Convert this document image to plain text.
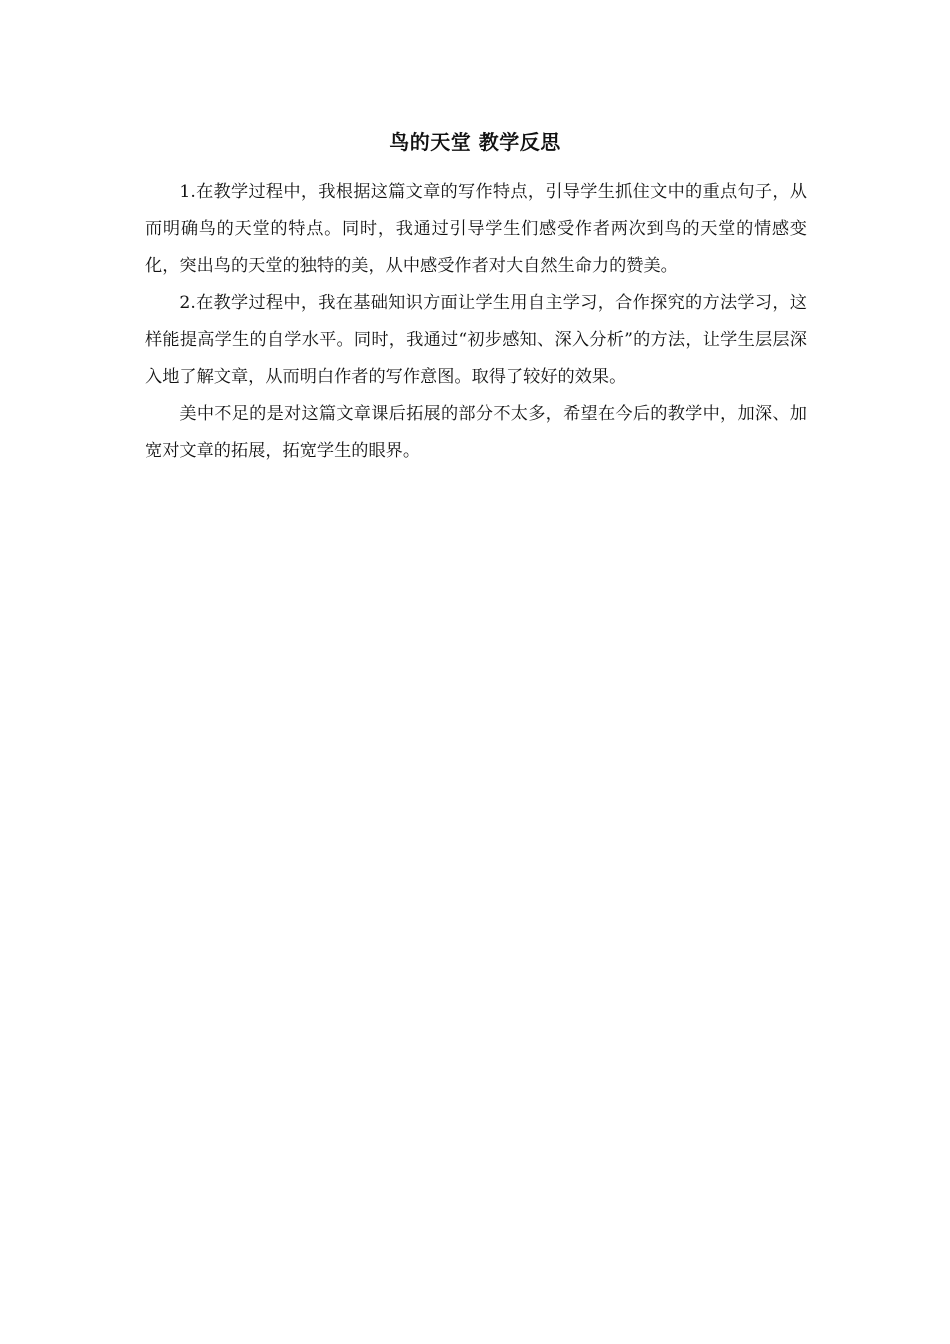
鸟的天堂 教学反思

1.在教学过程中，我根据这篇文章的写作特点，引导学生抓住文中的重点句子，从而明确鸟的天堂的特点。同时，我通过引导学生们感受作者两次到鸟的天堂的情感变化，突出鸟的天堂的独特的美，从中感受作者对大自然生命力的赞美。

2.在教学过程中，我在基础知识方面让学生用自主学习，合作探究的方法学习，这样能提高学生的自学水平。同时，我通过“初步感知、深入分析”的方法，让学生层层深入地了解文章，从而明白作者的写作意图。取得了较好的效果。

美中不足的是对这篇文章课后拓展的部分不太多，希望在今后的教学中，加深、加宽对文章的拓展，拓宽学生的眼界。
